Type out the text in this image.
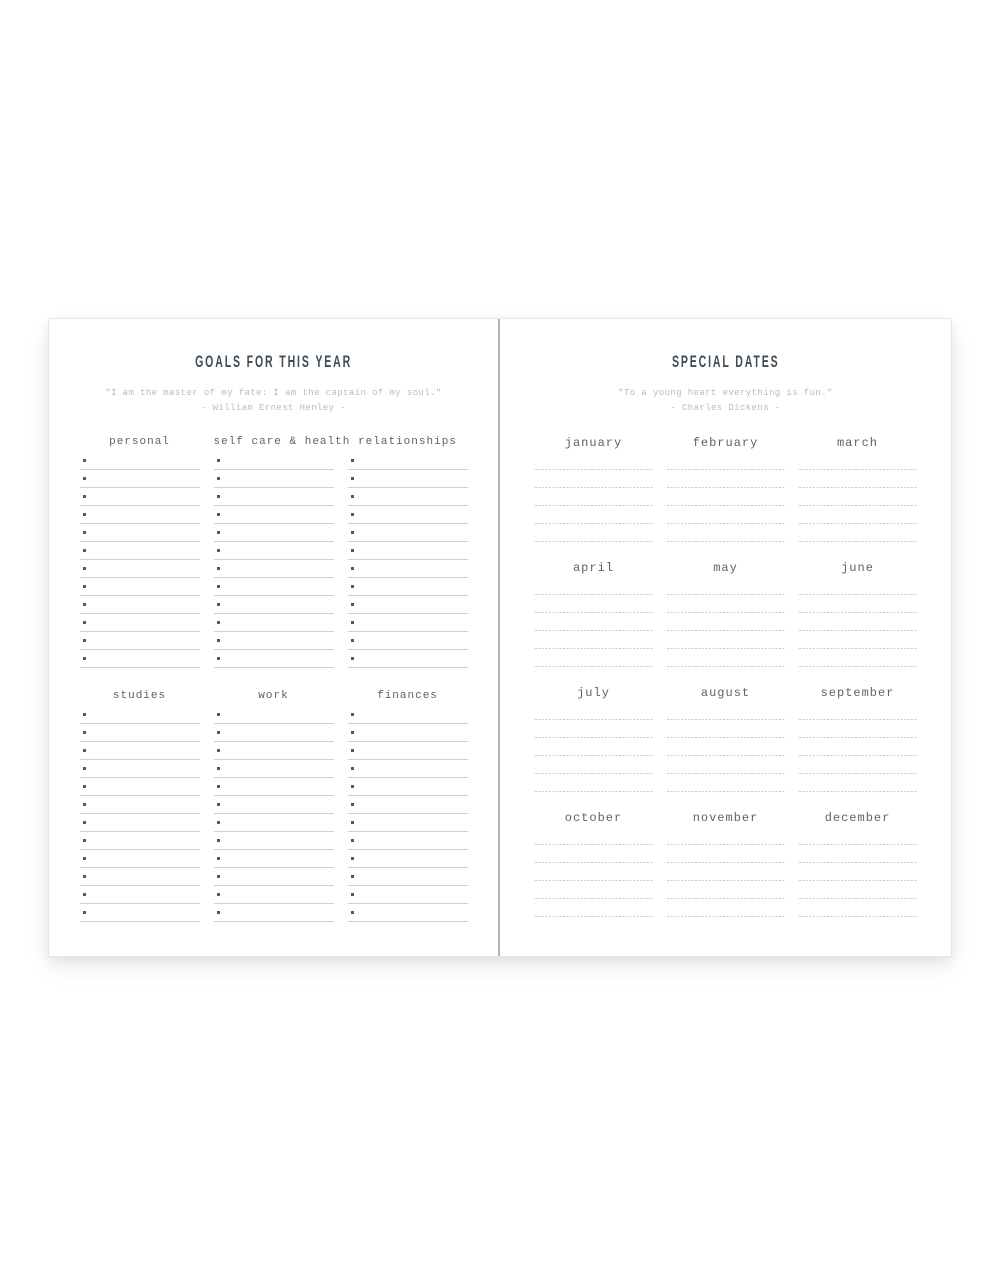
GOALS FOR THIS YEAR
"I am the master of my fate: I am the captain of my soul."
- William Ernest Henley -
personal	self care & health relationships
studies	work	finances
SPECIAL DATES
"To a young heart everything is fun."
- Charles Dickens -
january	february	march
april	may	june
july	august	september
october	november	december
